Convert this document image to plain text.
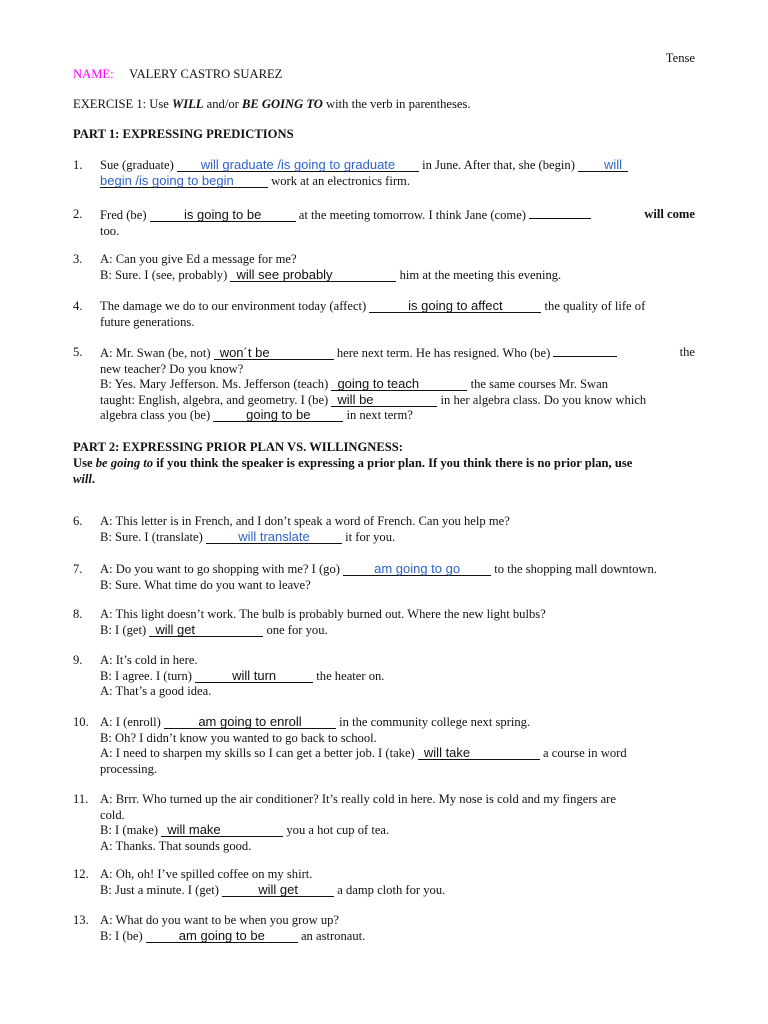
Tense
NAME: VALERY CASTRO SUAREZ
EXERCISE 1: Use WILL and/or BE GOING TO with the verb in parentheses.
PART 1: EXPRESSING PREDICTIONS
1. Sue (graduate) will graduate /is going to graduate in June. After that, she (begin) will
begin /is going to begin	work at an electronics firm.
2. Fred (be)	is going to be	at the meeting tomorrow. I think Jane (come)	will come
too.
3. A: Can you give Ed a message for me?
B: Sure. I (see, probably) will see probably	him at the meeting this evening.
4. The damage we do to our environment today (affect)	is going to affect	the quality of life of
future generations.
5. A: Mr. Swan (be, not) won´t be	here next term. He has resigned. Who (be)	the
new teacher? Do you know?
B: Yes. Mary Jefferson. Ms. Jefferson (teach) going to teach	the same courses Mr. Swan
taught: English, algebra, and geometry. I (be) will be	in her algebra class. Do you know which
algebra class you (be)	going to be	in next term?
PART 2: EXPRESSING PRIOR PLAN VS. WILLINGNESS:
Use be going to if you think the speaker is expressing a prior plan. If you think there is no prior plan, use
will.
6. A: This letter is in French, and I don’t speak a word of French. Can you help me?
B: Sure. I (translate) will translate	it for you.
7. A: Do you want to go shopping with me? I (go) am going to go to the shopping mall downtown.
B: Sure. What time do you want to leave?
8. A: This light doesn’t work. The bulb is probably burned out. Where the new light bulbs?
B: I (get) will get	one for you.
9. A: It’s cold in here.
B: I agree. I (turn)	will turn	the heater on.
A: That’s a good idea.
10. A: I (enroll)	am going to enroll	in the community college next spring.
B: Oh? I didn’t know you wanted to go back to school.
A: I need to sharpen my skills so I can get a better job. I (take) will take	a course in word
processing.
11. A: Brrr. Who turned up the air conditioner? It’s really cold in here. My nose is cold and my fingers are
cold.
B: I (make) will make	you a hot cup of tea.
A: Thanks. That sounds good.
12. A: Oh, oh! I’ve spilled coffee on my shirt.
B: Just a minute. I (get)	will get	a damp cloth for you.
13. A: What do you want to be when you grow up?
B: I (be)	am going to be	an astronaut.
